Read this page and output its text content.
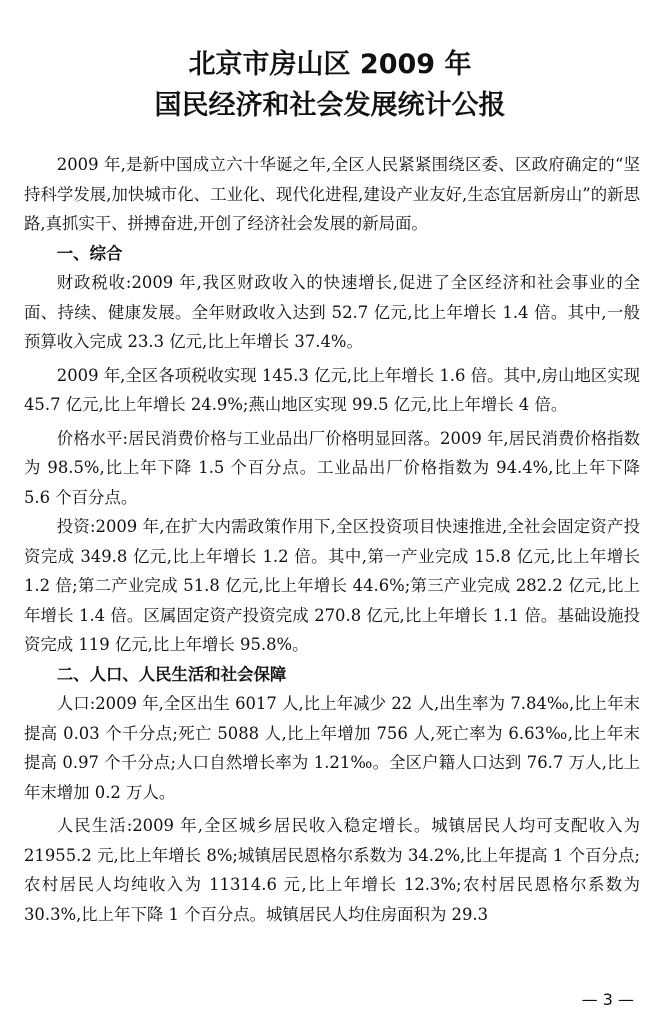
北京市房山区 2009 年
国民经济和社会发展统计公报

2009 年,是新中国成立六十华诞之年,全区人民紧紧围绕区委、区政府确定的“坚持科学发展,加快城市化、工业化、现代化进程,建设产业友好,生态宜居新房山”的新思路,真抓实干、拼搏奋进,开创了经济社会发展的新局面。

一、综合

财政税收:2009 年,我区财政收入的快速增长,促进了全区经济和社会事业的全面、持续、健康发展。全年财政收入达到 52.7 亿元,比上年增长 1.4 倍。其中,一般预算收入完成 23.3 亿元,比上年增长 37.4%。

2009 年,全区各项税收实现 145.3 亿元,比上年增长 1.6 倍。其中,房山地区实现 45.7 亿元,比上年增长 24.9%;燕山地区实现 99.5 亿元,比上年增长 4 倍。

价格水平:居民消费价格与工业品出厂价格明显回落。2009 年,居民消费价格指数为 98.5%,比上年下降 1.5 个百分点。工业品出厂价格指数为 94.4%,比上年下降 5.6 个百分点。

投资:2009 年,在扩大内需政策作用下,全区投资项目快速推进,全社会固定资产投资完成 349.8 亿元,比上年增长 1.2 倍。其中,第一产业完成 15.8 亿元,比上年增长 1.2 倍;第二产业完成 51.8 亿元,比上年增长 44.6%;第三产业完成 282.2 亿元,比上年增长 1.4 倍。区属固定资产投资完成 270.8 亿元,比上年增长 1.1 倍。基础设施投资完成 119 亿元,比上年增长 95.8%。

二、人口、人民生活和社会保障

人口:2009 年,全区出生 6017 人,比上年减少 22 人,出生率为 7.84‰,比上年末提高 0.03 个千分点;死亡 5088 人,比上年增加 756 人,死亡率为 6.63‰,比上年末提高 0.97 个千分点;人口自然增长率为 1.21‰。全区户籍人口达到 76.7 万人,比上年末增加 0.2 万人。

人民生活:2009 年,全区城乡居民收入稳定增长。城镇居民人均可支配收入为 21955.2 元,比上年增长 8%;城镇居民恩格尔系数为 34.2%,比上年提高 1 个百分点;农村居民人均纯收入为 11314.6 元,比上年增长 12.3%;农村居民恩格尔系数为 30.3%,比上年下降 1 个百分点。城镇居民人均住房面积为 29.3

— 3 —
